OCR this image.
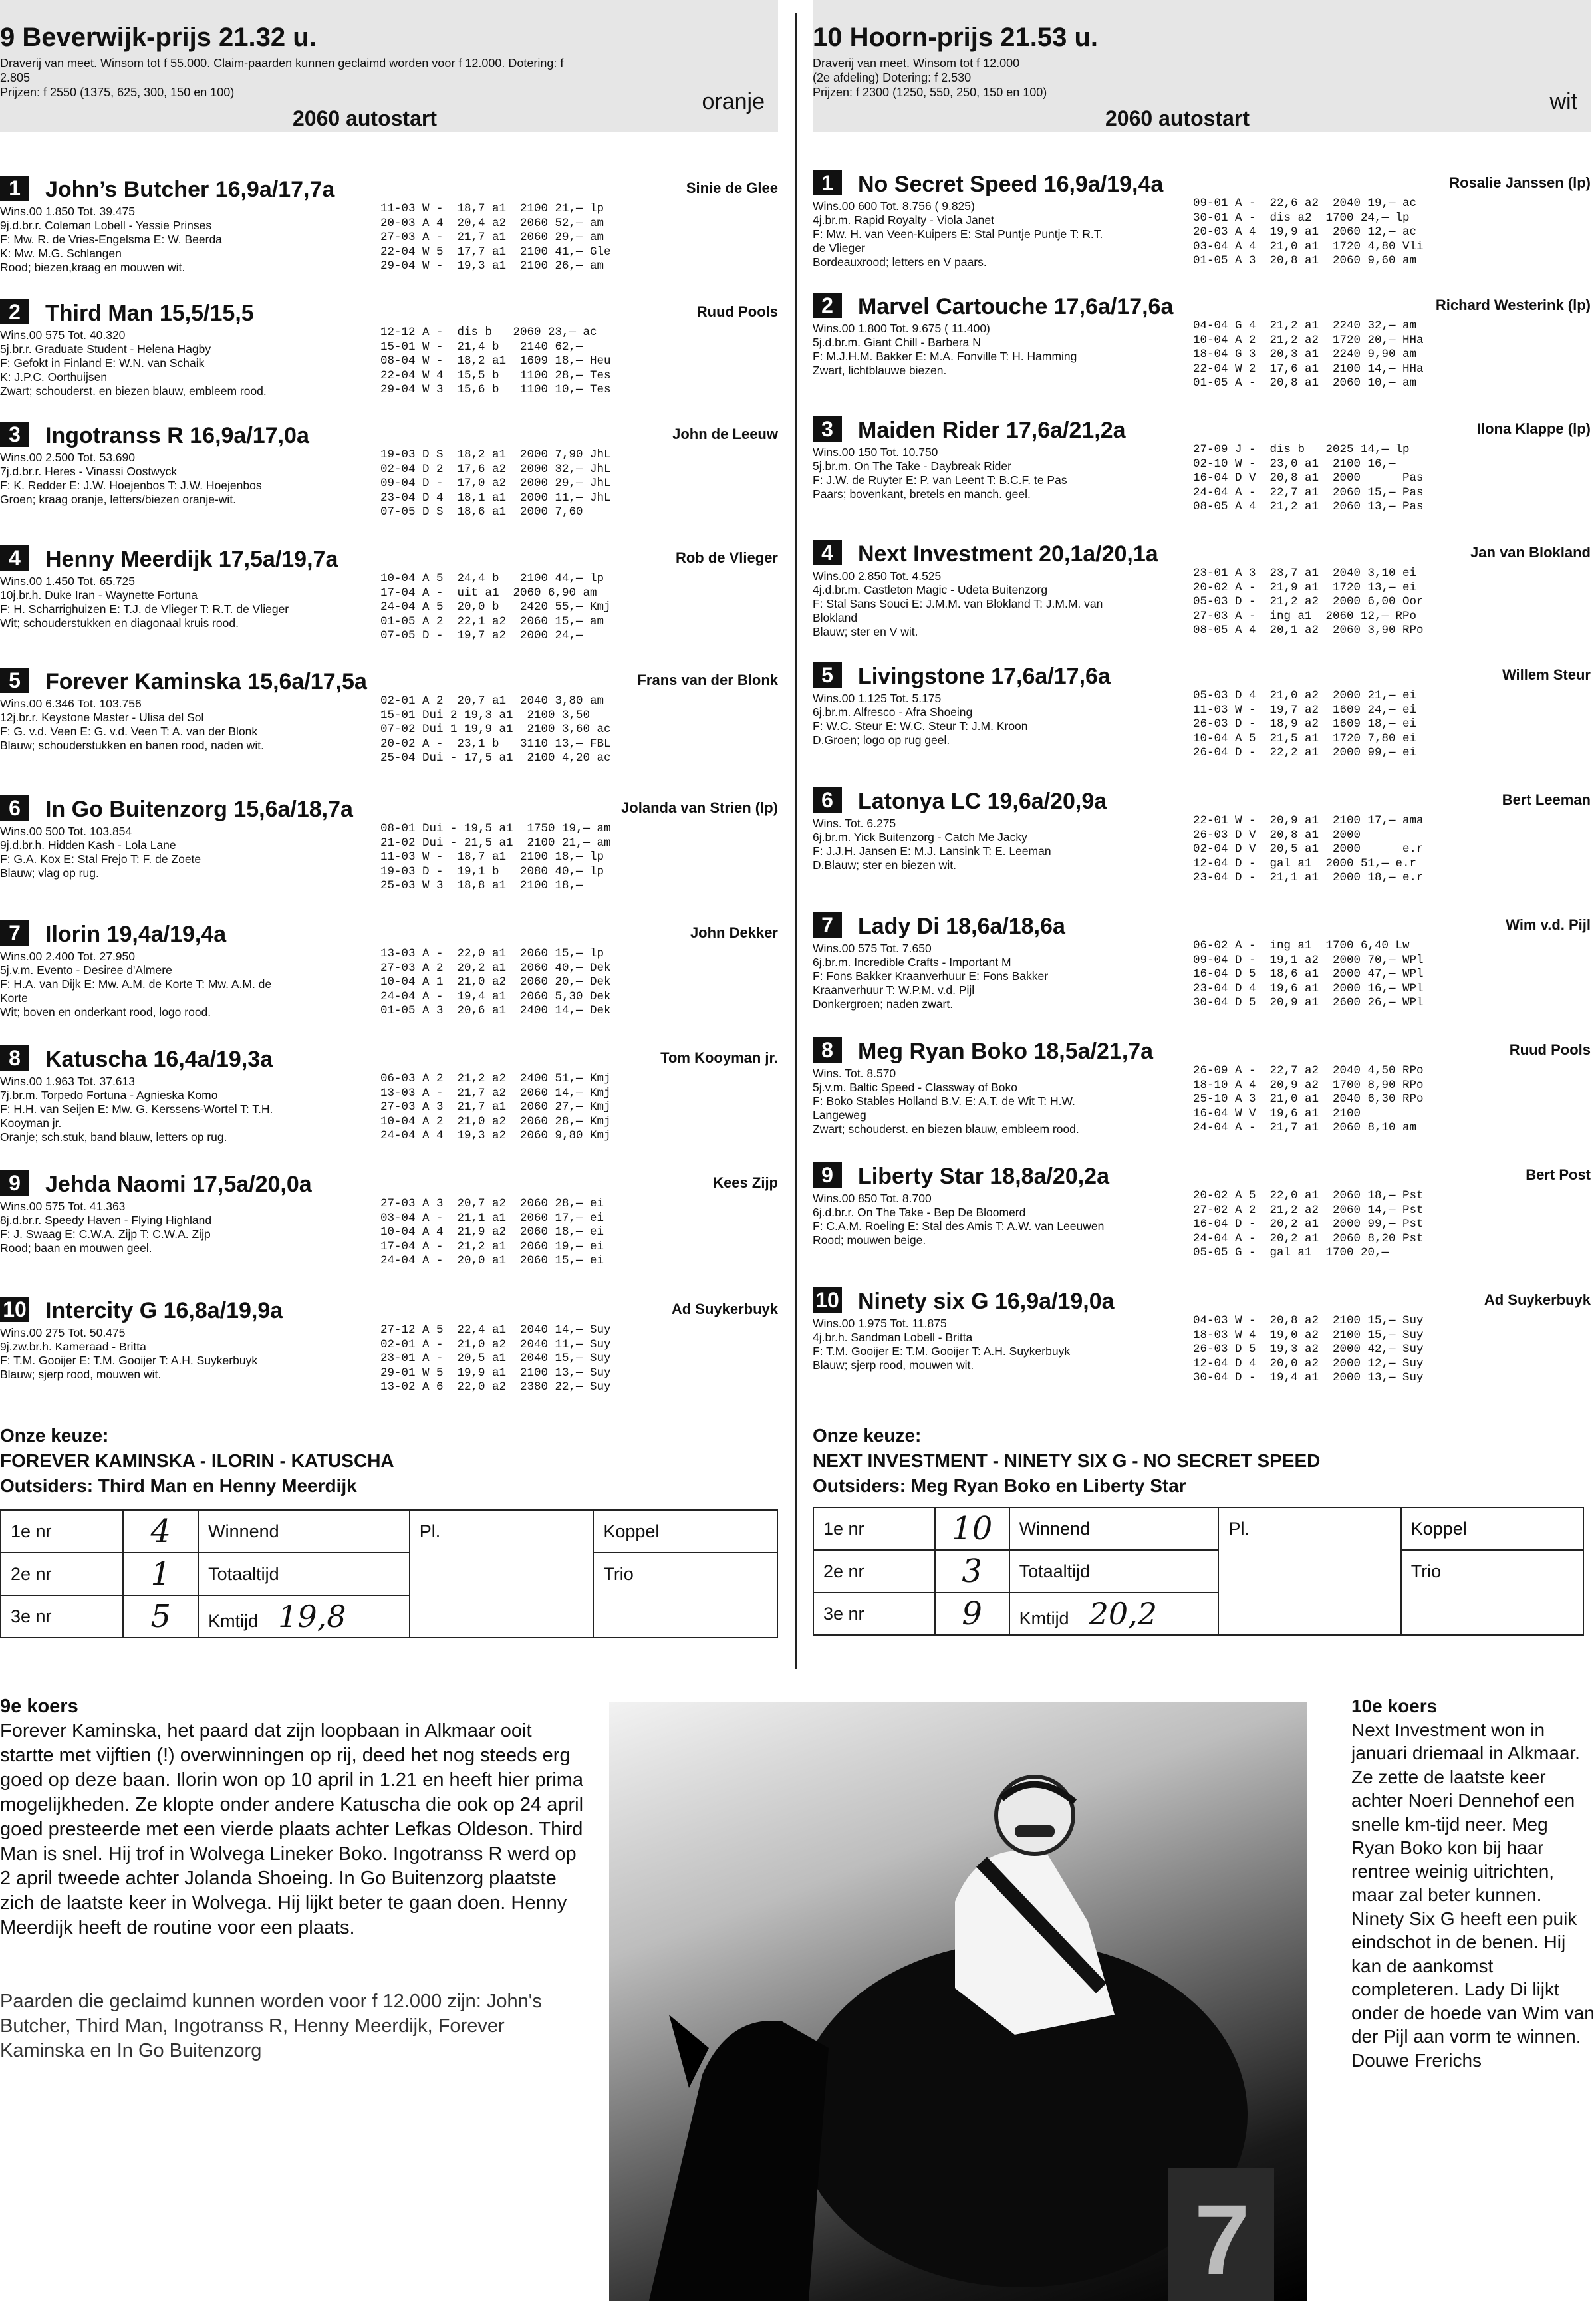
9 Beverwijk-prijs 21.32 u.
Draverij van meet. Winsom tot f 55.000. Claim-paarden kunnen geclaimd worden voor f 12.000. Dotering: f
2.805
Prijzen: f 2550 (1375, 625, 300, 150 en 100)	oranje
2060 autostart
1	John’s Butcher 16,9a/17,7a	Sinie de Glee
Wins.00 1.850 Tot. 39.475
9j.d.br.r. Coleman Lobell - Yessie Prinses
F: Mw. R. de Vries-Engelsma E: W. Beerda
K: Mw. M.G. Schlangen
Rood; biezen,kraag en mouwen wit.
11-03 W -  18,7 a1  2100 21,— lp
20-03 A 4  20,4 a2  2060 52,— am
27-03 A -  21,7 a1  2060 29,— am
22-04 W 5  17,7 a1  2100 41,— Gle
29-04 W -  19,3 a1  2100 26,— am
2	Third Man 15,5/15,5	Ruud Pools
Wins.00 575 Tot. 40.320
5j.br.r. Graduate Student - Helena Hagby
F: Gefokt in Finland E: W.N. van Schaik
K: J.P.C. Oorthuijsen
Zwart; schouderst. en biezen blauw, embleem rood.
12-12 A -  dis b   2060 23,— ac
15-01 W -  21,4 b   2140 62,—
08-04 W -  18,2 a1  1609 18,— Heu
22-04 W 4  15,5 b   1100 28,— Tes
29-04 W 3  15,6 b   1100 10,— Tes
3	Ingotranss R 16,9a/17,0a	John de Leeuw
Wins.00 2.500 Tot. 53.690
7j.d.br.r. Heres - Vinassi Oostwyck
F: K. Redder E: J.W. Hoejenbos T: J.W. Hoejenbos
Groen; kraag oranje, letters/biezen oranje-wit.
19-03 D S  18,2 a1  2000 7,90 JhL
02-04 D 2  17,6 a2  2000 32,— JhL
09-04 D -  17,0 a2  2000 29,— JhL
23-04 D 4  18,1 a1  2000 11,— JhL
07-05 D S  18,6 a1  2000 7,60
4	Henny Meerdijk 17,5a/19,7a	Rob de Vlieger
Wins.00 1.450 Tot. 65.725
10j.br.h. Duke Iran - Waynette Fortuna
F: H. Scharrighuizen E: T.J. de Vlieger T: R.T. de Vlieger
Wit; schouderstukken en diagonaal kruis rood.
10-04 A 5  24,4 b   2100 44,— lp
17-04 A -  uit a1  2060 6,90 am
24-04 A 5  20,0 b   2420 55,— Kmj
01-05 A 2  22,1 a2  2060 15,— am
07-05 D -  19,7 a2  2000 24,—
5	Forever Kaminska 15,6a/17,5a	Frans van der Blonk
Wins.00 6.346 Tot. 103.756
12j.br.r. Keystone Master - Ulisa del Sol
F: G. v.d. Veen E: G. v.d. Veen T: A. van der Blonk
Blauw; schouderstukken en banen rood, naden wit.
02-01 A 2  20,7 a1  2040 3,80 am
15-01 Dui 2 19,3 a1  2100 3,50
07-02 Dui 1 19,9 a1  2100 3,60 ac
20-02 A -  23,1 b   3110 13,— FBL
25-04 Dui - 17,5 a1  2100 4,20 ac
6	In Go Buitenzorg 15,6a/18,7a	Jolanda van Strien (lp)
Wins.00 500 Tot. 103.854
9j.d.br.h. Hidden Kash - Lola Lane
F: G.A. Kox E: Stal Frejo T: F. de Zoete
Blauw; vlag op rug.
08-01 Dui - 19,5 a1  1750 19,— am
21-02 Dui - 21,5 a1  2100 21,— am
11-03 W -  18,7 a1  2100 18,— lp
19-03 D -  19,1 b   2080 40,— lp
25-03 W 3  18,8 a1  2100 18,—
7	Ilorin 19,4a/19,4a	John Dekker
Wins.00 2.400 Tot. 27.950
5j.v.m. Evento - Desiree d'Almere
F: H.A. van Dijk E: Mw. A.M. de Korte T: Mw. A.M. de
Korte
Wit; boven en onderkant rood, logo rood.
13-03 A -  22,0 a1  2060 15,— lp
27-03 A 2  20,2 a1  2060 40,— Dek
10-04 A 1  21,0 a2  2060 20,— Dek
24-04 A -  19,4 a1  2060 5,30 Dek
01-05 A 3  20,6 a1  2400 14,— Dek
8	Katuscha 16,4a/19,3a	Tom Kooyman jr.
Wins.00 1.963 Tot. 37.613
7j.br.m. Torpedo Fortuna - Agnieska Komo
F: H.H. van Seijen E: Mw. G. Kerssens-Wortel T: T.H.
Kooyman jr.
Oranje; sch.stuk, band blauw, letters op rug.
06-03 A 2  21,2 a2  2400 51,— Kmj
13-03 A -  21,7 a2  2060 14,— Kmj
27-03 A 3  21,7 a1  2060 27,— Kmj
10-04 A 2  21,0 a2  2060 28,— Kmj
24-04 A 4  19,3 a2  2060 9,80 Kmj
9	Jehda Naomi 17,5a/20,0a	Kees Zijp
Wins.00 575 Tot. 41.363
8j.d.br.r. Speedy Haven - Flying Highland
F: J. Swaag E: C.W.A. Zijp T: C.W.A. Zijp
Rood; baan en mouwen geel.
27-03 A 3  20,7 a2  2060 28,— ei
03-04 A -  21,1 a1  2060 17,— ei
10-04 A 4  21,9 a2  2060 18,— ei
17-04 A -  21,2 a1  2060 19,— ei
24-04 A -  20,0 a1  2060 15,— ei
10 Intercity G 16,8a/19,9a	Ad Suykerbuyk
Wins.00 275 Tot. 50.475
9j.zw.br.h. Kameraad - Britta
F: T.M. Gooijer E: T.M. Gooijer T: A.H. Suykerbuyk
Blauw; sjerp rood, mouwen wit.
27-12 A 5  22,4 a1  2040 14,— Suy
02-01 A -  21,0 a2  2040 11,— Suy
23-01 A -  20,5 a1  2040 15,— Suy
29-01 W 5  19,9 a1  2100 13,— Suy
13-02 A 6  22,0 a2  2380 22,— Suy
Onze keuze:
FOREVER KAMINSKA - ILORIN - KATUSCHA
Outsiders: Third Man en Henny Meerdijk
1e nr	4	Winnend	Pl.	Koppel
2e nr	1	Totaaltijd		Trio
3e nr	5	Kmtijd 19,8		
10 Hoorn-prijs 21.53 u.
Draverij van meet. Winsom tot f 12.000
(2e afdeling) Dotering: f 2.530
Prijzen: f 2300 (1250, 550, 250, 150 en 100)	wit
2060 autostart
1	No Secret Speed 16,9a/19,4a	Rosalie Janssen (lp)
Wins.00 600 Tot. 8.756 ( 9.825)
4j.br.m. Rapid Royalty - Viola Janet
F: Mw. H. van Veen-Kuipers E: Stal Puntje Puntje T: R.T.
de Vlieger
Bordeauxrood; letters en V paars.
09-01 A -  22,6 a2  2040 19,— ac
30-01 A -  dis a2  1700 24,— lp
20-03 A 4  19,9 a1  2060 12,— ac
03-04 A 4  21,0 a1  1720 4,80 Vli
01-05 A 3  20,8 a1  2060 9,60 am
2	Marvel Cartouche 17,6a/17,6a	Richard Westerink (lp)
Wins.00 1.800 Tot. 9.675 ( 11.400)
5j.d.br.m. Giant Chill - Barbera N
F: M.J.H.M. Bakker E: M.A. Fonville T: H. Hamming
Zwart, lichtblauwe biezen.
04-04 G 4  21,2 a1  2240 32,— am
10-04 A 2  21,2 a2  1720 20,— HHa
18-04 G 3  20,3 a1  2240 9,90 am
22-04 W 2  17,6 a1  2100 14,— HHa
01-05 A -  20,8 a1  2060 10,— am
3	Maiden Rider 17,6a/21,2a	Ilona Klappe (lp)
Wins.00 150 Tot. 10.750
5j.br.m. On The Take - Daybreak Rider
F: J.W. de Ruyter E: P. van Leent T: B.C.F. te Pas
Paars; bovenkant, bretels en manch. geel.
27-09 J -  dis b   2025 14,— lp
02-10 W -  23,0 a1  2100 16,—
16-04 D V  20,8 a1  2000      Pas
24-04 A -  22,7 a1  2060 15,— Pas
08-05 A 4  21,2 a1  2060 13,— Pas
4	Next Investment 20,1a/20,1a	Jan van Blokland
Wins.00 2.850 Tot. 4.525
4j.d.br.m. Castleton Magic - Udeta Buitenzorg
F: Stal Sans Souci E: J.M.M. van Blokland T: J.M.M. van
Blokland
Blauw; ster en V wit.
23-01 A 3  23,7 a1  2040 3,10 ei
20-02 A -  21,9 a1  1720 13,— ei
05-03 D -  21,2 a2  2000 6,00 Oor
27-03 A -  ing a1  2060 12,— RPo
08-05 A 4  20,1 a2  2060 3,90 RPo
5	Livingstone 17,6a/17,6a	Willem Steur
Wins.00 1.125 Tot. 5.175
6j.br.m. Alfresco - Afra Shoeing
F: W.C. Steur E: W.C. Steur T: J.M. Kroon
D.Groen; logo op rug geel.
05-03 D 4  21,0 a2  2000 21,— ei
11-03 W -  19,7 a2  1609 24,— ei
26-03 D -  18,9 a2  1609 18,— ei
10-04 A 5  21,5 a1  1720 7,80 ei
26-04 D -  22,2 a1  2000 99,— ei
6	Latonya LC 19,6a/20,9a	Bert Leeman
Wins. Tot. 6.275
6j.br.m. Yick Buitenzorg - Catch Me Jacky
F: J.J.H. Jansen E: M.J. Lansink T: E. Leeman
D.Blauw; ster en biezen wit.
22-01 W -  20,9 a1  2100 17,— ama
26-03 D V  20,8 a1  2000
02-04 D V  20,5 a1  2000      e.r
12-04 D -  gal a1  2000 51,— e.r
23-04 D -  21,1 a1  2000 18,— e.r
7	Lady Di 18,6a/18,6a	Wim v.d. Pijl
Wins.00 575 Tot. 7.650
6j.br.m. Incredible Crafts - Important M
F: Fons Bakker Kraanverhuur E: Fons Bakker
Kraanverhuur T: W.P.M. v.d. Pijl
Donkergroen; naden zwart.
06-02 A -  ing a1  1700 6,40 Lw
09-04 D -  19,1 a2  2000 70,— WPl
16-04 D 5  18,6 a1  2000 47,— WPl
23-04 D 4  19,6 a1  2000 16,— WPl
30-04 D 5  20,9 a1  2600 26,— WPl
8	Meg Ryan Boko 18,5a/21,7a	Ruud Pools
Wins. Tot. 8.570
5j.v.m. Baltic Speed - Classway of Boko
F: Boko Stables Holland B.V. E: A.T. de Wit T: H.W.
Langeweg
Zwart; schouderst. en biezen blauw, embleem rood.
26-09 A -  22,7 a2  2040 4,50 RPo
18-10 A 4  20,9 a2  1700 8,90 RPo
25-10 A 3  21,0 a1  2040 6,30 RPo
16-04 W V  19,6 a1  2100
24-04 A -  21,7 a1  2060 8,10 am
9	Liberty Star 18,8a/20,2a	Bert Post
Wins.00 850 Tot. 8.700
6j.d.br.r. On The Take - Bep De Bloomerd
F: C.A.M. Roeling E: Stal des Amis T: A.W. van Leeuwen
Rood; mouwen beige.
20-02 A 5  22,0 a1  2060 18,— Pst
27-02 A 2  21,2 a2  2060 14,— Pst
16-04 D -  20,2 a1  2000 99,— Pst
24-04 A -  20,2 a1  2060 8,20 Pst
05-05 G -  gal a1  1700 20,—
10 Ninety six G 16,9a/19,0a	Ad Suykerbuyk
Wins.00 1.975 Tot. 11.875
4j.br.h. Sandman Lobell - Britta
F: T.M. Gooijer E: T.M. Gooijer T: A.H. Suykerbuyk
Blauw; sjerp rood, mouwen wit.
04-03 W -  20,8 a2  2100 15,— Suy
18-03 W 4  19,0 a2  2100 15,— Suy
26-03 D 5  19,3 a2  2000 42,— Suy
12-04 D 4  20,0 a2  2000 12,— Suy
30-04 D -  19,4 a1  2000 13,— Suy
Onze keuze:
NEXT INVESTMENT - NINETY SIX G - NO SECRET SPEED
Outsiders: Meg Ryan Boko en Liberty Star
1e nr	10	Winnend	Pl.	Koppel
2e nr	3	Totaaltijd		Trio
3e nr	9	Kmtijd 20,2		
9e koers
Forever Kaminska, het paard dat zijn loopbaan in Alkmaar ooit startte met vijftien (!) overwinningen op rij, deed het nog steeds erg goed op deze baan. Ilorin won op 10 april in 1.21 en heeft hier prima mogelijkheden. Ze klopte onder andere Katuscha die ook op 24 april goed presteerde met een vierde plaats achter Lefkas Oldeson. Third Man is snel. Hij trof in Wolvega Lineker Boko. Ingotranss R werd op 2 april tweede achter Jolanda Shoeing. In Go Buitenzorg plaatste zich de laatste keer in Wolvega. Hij lijkt beter te gaan doen. Henny Meerdijk heeft de routine voor een plaats.
Paarden die geclaimd kunnen worden voor f 12.000 zijn: John's Butcher, Third Man, Ingotranss R, Henny Meerdijk, Forever Kaminska en In Go Buitenzorg
7
10e koers
Next Investment won in januari driemaal in Alkmaar. Ze zette de laatste keer achter Noeri Dennehof een snelle km-tijd neer. Meg Ryan Boko kon bij haar rentree weinig uitrichten, maar zal beter kunnen. Ninety Six G heeft een puik eindschot in de benen. Hij kan de aankomst completeren. Lady Di lijkt onder de hoede van Wim van der Pijl aan vorm te winnen.
Douwe Frerichs
